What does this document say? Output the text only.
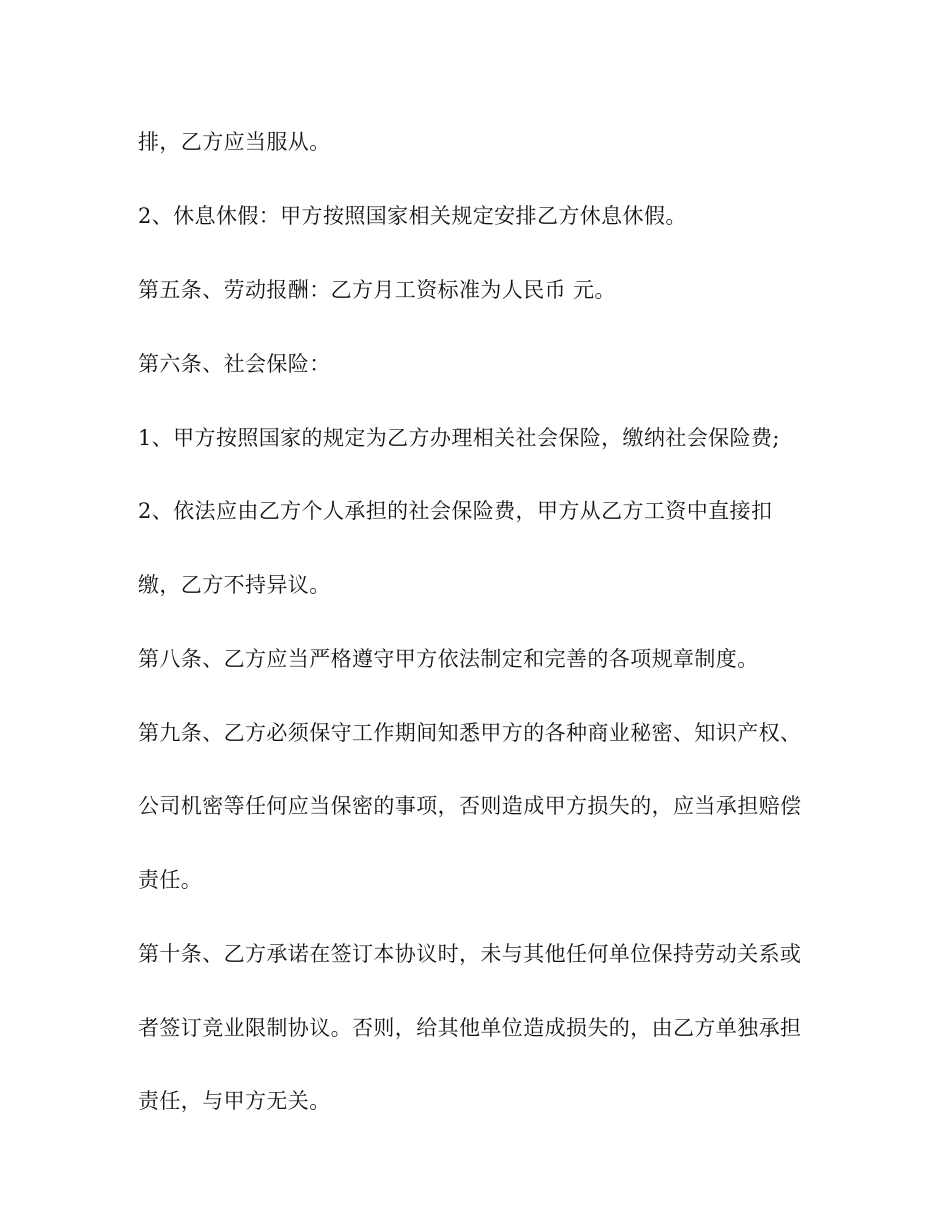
排，乙方应当服从。

2、休息休假：甲方按照国家相关规定安排乙方休息休假。

第五条、劳动报酬：乙方月工资标准为人民币 元。

第六条、社会保险：

1、甲方按照国家的规定为乙方办理相关社会保险，缴纳社会保险费;

2、依法应由乙方个人承担的社会保险费，甲方从乙方工资中直接扣

缴，乙方不持异议。

第八条、乙方应当严格遵守甲方依法制定和完善的各项规章制度。

第九条、乙方必须保守工作期间知悉甲方的各种商业秘密、知识产权、

公司机密等任何应当保密的事项，否则造成甲方损失的，应当承担赔偿

责任。

第十条、乙方承诺在签订本协议时，未与其他任何单位保持劳动关系或

者签订竞业限制协议。否则，给其他单位造成损失的，由乙方单独承担

责任，与甲方无关。
